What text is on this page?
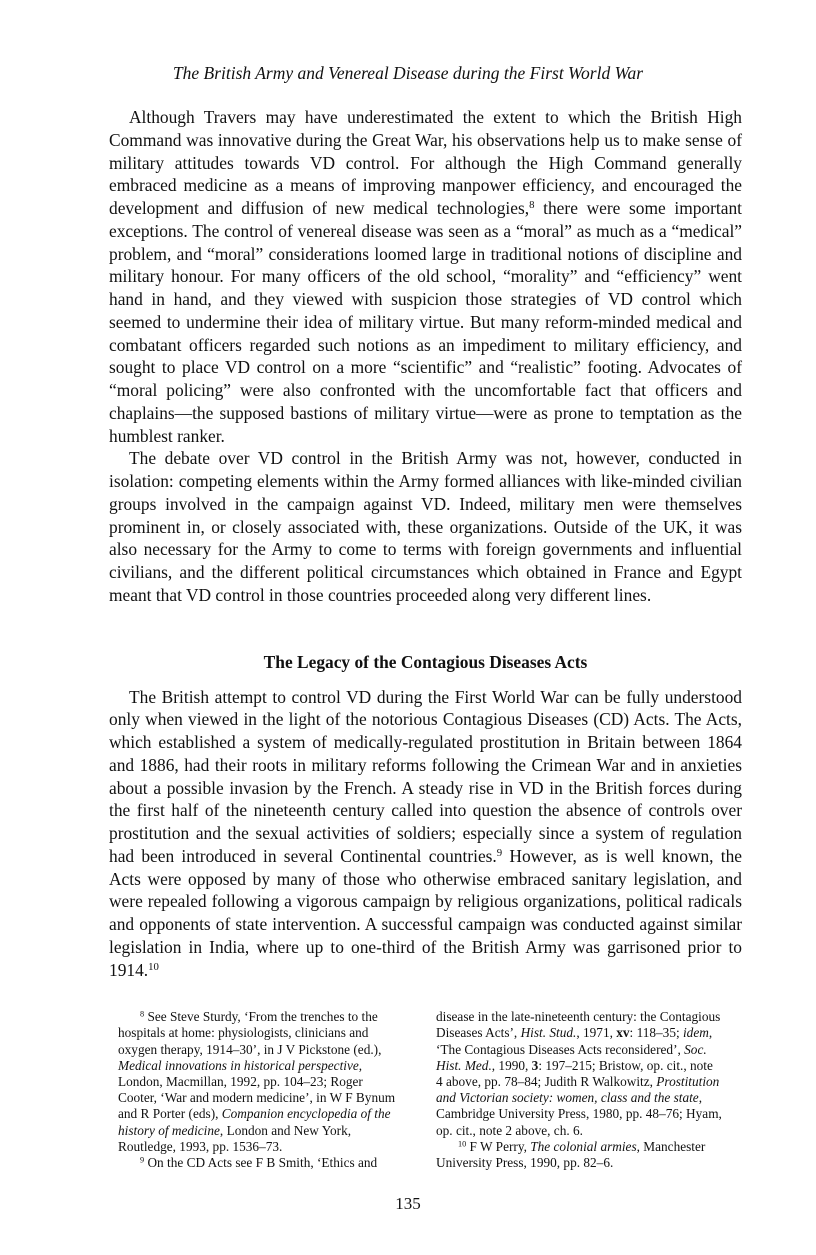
The British Army and Venereal Disease during the First World War

Although Travers may have underestimated the extent to which the British High Command was innovative during the Great War, his observations help us to make sense of military attitudes towards VD control. For although the High Command generally embraced medicine as a means of improving manpower efficiency, and encouraged the development and diffusion of new medical technologies,$^8$ there were some important exceptions. The control of venereal disease was seen as a “moral” as much as a “medical” problem, and “moral” considerations loomed large in traditional notions of discipline and military honour. For many officers of the old school, “morality” and “efficiency” went hand in hand, and they viewed with suspicion those strategies of VD control which seemed to undermine their idea of military virtue. But many reform-minded medical and combatant officers regarded such notions as an impediment to military efficiency, and sought to place VD control on a more “scientific” and “realistic” footing. Advocates of “moral policing” were also confronted with the uncomfortable fact that officers and chaplains—the supposed bastions of military virtue—were as prone to temptation as the humblest ranker.

The debate over VD control in the British Army was not, however, conducted in isolation: competing elements within the Army formed alliances with like-minded civilian groups involved in the campaign against VD. Indeed, military men were themselves prominent in, or closely associated with, these organizations. Outside of the UK, it was also necessary for the Army to come to terms with foreign governments and influential civilians, and the different political circumstances which obtained in France and Egypt meant that VD control in those countries proceeded along very different lines.

The Legacy of the Contagious Diseases Acts

The British attempt to control VD during the First World War can be fully understood only when viewed in the light of the notorious Contagious Diseases (CD) Acts. The Acts, which established a system of medically-regulated prostitution in Britain between 1864 and 1886, had their roots in military reforms following the Crimean War and in anxieties about a possible invasion by the French. A steady rise in VD in the British forces during the first half of the nineteenth century called into question the absence of controls over prostitution and the sexual activities of soldiers; especially since a system of regulation had been introduced in several Continental countries.$^9$ However, as is well known, the Acts were opposed by many of those who otherwise embraced sanitary legislation, and were repealed following a vigorous campaign by religious organizations, political radicals and opponents of state intervention. A successful campaign was conducted against similar legislation in India, where up to one-third of the British Army was garrisoned prior to 1914.10

$^8$ See Steve Sturdy, ‘From the trenches to the hospitals at home: physiologists, clinicians and oxygen therapy, 1914–30’, in J V Pickstone (ed.), Medical innovations in historical perspective, London, Macmillan, 1992, pp. 104–23; Roger Cooter, ‘War and modern medicine’, in W F Bynum and R Porter (eds), Companion encyclopedia of the history of medicine, London and New York, Routledge, 1993, pp. 1536–73.

$^9$ On the CD Acts see F B Smith, ‘Ethics and

disease in the late-nineteenth century: the Contagious Diseases Acts’, Hist. Stud., 1971, xv: 118–35; idem, ‘The Contagious Diseases Acts reconsidered’, Soc. Hist. Med., 1990, 3: 197–215; Bristow, op. cit., note 4 above, pp. 78–84; Judith R Walkowitz, Prostitution and Victorian society: women, class and the state, Cambridge University Press, 1980, pp. 48–76; Hyam, op. cit., note 2 above, ch. 6.

$^{10}$ F W Perry, The colonial armies, Manchester University Press, 1990, pp. 82–6.

135
